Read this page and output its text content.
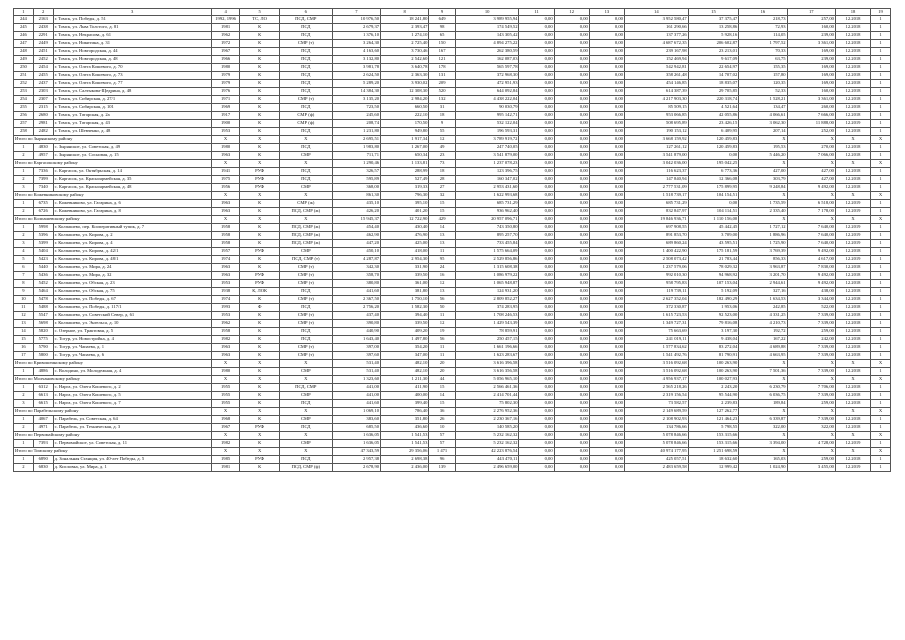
1	2	3	4	5	6	7	8	9	10	11	12	13	14	15	16	17	18	19
244	2163	г. Томск, ул. Победы, д. 51	1992, 1996	ТС, ЛО	ПСД, СМР	10 976,50	18 241,80	649	3 989 955,94	0,00	0,00	0,00	3 952 580,47	37 375,47	218,73	257,00	12.2018	1
245	2438	г. Томск, ул. Льва Толстого, д. 81	1981	К	ПСД	2 679,37	2 393,47	98	174 549,52	0,00	0,00	0,00	161 290,66	13 258,86	72,93	160,00	12.2018	1
246	2291	г. Томск, ул. Некрасова, д. 61	1962	К	ПСД	1 376,10	1 274,10	65	143 305,42	0,00	0,00	0,00	137 377,26	5 928,16	114,05	239,00	12.2018	1
247	2449	г. Томск, ул. Никитина, д. 31	1972	К	СМР (т)	3 264,30	2 725,40	150	4 894 275,22	0,00	0,00	0,00	4 687 672,35	206 602,87	1 797,52	3 361,00	12.2018	1
248	2451	г. Томск, ул. Новгородская, д. 44	1967	К	ПСД	4 163,60	3 730,46	167	262 380,59	0,00	0,00	0,00	239 167,98	23 213,01	70,33	169,00	12.2018	1
249	2452	г. Томск, ул. Новгородская, д. 48	1966	К	ПСД	3 132,80	2 542,60	121	162 087,03	0,00	0,00	0,00	152 469,94	9 617,09	63,75	239,00	12.2018	1
250	2454	г. Томск, ул. Олега Кошевого, д. 70	1980	К	ПСД	3 981,78	3 640,78	178	565 597,78	0,00	0,00	0,00	542 942,81	22 654,97	155,35	169,00	12.2018	1
251	2455	г. Томск, ул. Олега Кошевого, д. 73	1979	К	ПСД	2 624,50	2 363,30	131	372 968,30	0,00	0,00	0,00	358 261,48	14 707,02	157,80	169,00	12.2018	1
252	2437	г. Томск, ул. Олега Кошевого, д. 77	1979	К	ПСД	5 289,20	3 930,02	209	472 951,93	0,00	0,00	0,00	454 146,85	18 835,07	120,35	169,00	12.2018	1
253	2303	г. Томск, ул. Салтыкова-Щедрина, д. 48	1976	К	ПСД	14 384,30	12 308,30	520	644 092,84	0,00	0,00	0,00	614 387,39	29 705,85	52,33	160,00	12.2018	1
254	2307	г. Томск, ул. Сибирская, д. 27/1	1971	К	СМР (т)	3 135,20	2 984,20	132	4 438 222,04	0,00	0,00	0,00	4 217 903,30	220 318,74	1 528,21	3 361,00	12.2018	1
255	2315	г. Томск, ул. Сибирская, д. 101	1969	К	ПСД	723,50	660,50	31	90 030,79	0,00	0,00	0,00	85 509,15	4 521,64	134,47	260,00	12.2018	1
256	2680	г. Томск, ул. Татарская, д. 2а	1917	К	СМР (ф)	245,60	222,10	18	995 142,71	0,00	0,00	0,00	953 066,85	42 055,86	4 066,61	7 666,00	12.2018	1
257	2981	г. Томск, ул. Татарская, д. 43	1900	К	СМР (ф)	208,74	170,50	9	532 122,04	0,00	0,00	0,00	508 695,89	23 426,15	3 062,30	11 888,00	12.2019	1
258	2482	г. Томск, ул. Шевченко, д. 48	1953	К	ПСД	1 231,80	949,80	55	196 593,31	0,00	0,00	0,00	190 153,12	6 409,95	207,14	252,00	12.2018	1
Итого по Зырянскому району			X	X	X	2 695,51	1 917,34	12	3 789 919,72	0,00	0,00	0,00	3 668 159,92	120 459,83	X	X	X	X
1	4830	с. Зырянское, ул. Советская, д. 49	1980	К	ПСД	1 983,80	1 267,00	49	247 740,05	0,00	0,00	0,00	127 261,12	120 459,83	195,53	270,00	12.2018	1
2	4957	с. Зырянское, ул. Сосновая, д. 15	1963	К	СМР	711,71	650,34	23	3 541 879,00	0,00	0,00	0,00	3 541 879,00	0,00	5 446,20	7 066,00	12.2018	1
Итого по Каргасокскому району			X	X	X	1 290,46	1 133,81	73	1 237 078,23	0,00	0,00	0,00	3 042 036,00	195 042,25	X	X	X	X
1	7336	с. Каргасок, ул. Октябрьская, д. 14	1941	РУФ	ПСД	326,57	288,99	18	123 396,75	0,00	0,00	0,00	116 623,37	6 773,36	427,00	427,00	12.2018	1
2	7399	с. Каргасок, ул. Красноармейская, д. 35	1975	РУФ	ПСД	595,89	527,49	28	160 347,02	0,00	0,00	0,00	147 840,94	12 366,08	303,79	427,00	12.2018	1
3	7340	с. Каргасок, ул. Красноармейская, д. 48	1956	РУФ	СМР	368,00	319,33	27	2 953 431,60	0,00	0,00	0,00	2 777 531,09	175 899,95	9 248,84	9 492,00	12.2018	1
Итого по Кожевниковскому району			X	X	X	861,30	796,30	32	1 622 993,68	0,00	0,00	0,00	1 518 739,17	104 154,51	X	X	X	X
1	6735	с. Кожевниково, ул. Гагарина, д. 6	1963	К	СМР (ж)	435,10	395,10	15	685 731,29	0,00	0,00	0,00	685 731,29	0,00	1 735,59	6 518,00	12.2019	1
2	6726	с. Кожевниково, ул. Гагарина, д. 8	1963	К	ПСД, СМР (ж)	426,20	401,20	15	936 962,40	0,00	0,00	0,00	832 847,97	104 114,51	2 335,40	7 178,00	12.2019	1
Итого по Колпашевскому району			X	X	X	15 945,37	12 722,90	429	20 957 096,71	0,00	0,00	0,00	19 846 936,71	1 110 156,00	X	X	X	X
1	5998	г. Колпашево, пер. Кооперативный тупик, д. 7	1958	К	ПСД, СМР (ж)	454,40	430,40	14	743 350,80	0,00	0,00	0,00	697 908,55	45 442,45	1 727,12	7 640,00	12.2019	1
2	5396	г. Колпашево, ул. Кирова, д. 2	1958	К	ПСД, СМР (ж)	462,90	476,90	13	895 257,70	0,00	0,00	0,00	891 853,70	3 709,00	1 886,96	7 640,00	12.2019	1
3	5399	г. Колпашево, ул. Кирова, д. 4	1958	К	ПСД, СМР (ж)	447,20	425,00	13	733 455,84	0,00	0,00	0,00	689 860,24	43 595,51	1 725,90	7 640,00	12.2019	1
4	5404	г. Колпашево, ул. Кирова, д. 42/1	1957	РУФ	СМР	450,10	418,00	11	1 575 664,09	0,00	0,00	0,00	1 400 422,90	175 181,59	3 769,39	9 492,00	12.2018	1
5	5423	г. Колпашево, ул. Кирова, д. 48/1	1974	К	ПСД, СМР (т)	4 287,87	2 954,30	95	2 529 856,86	0,00	0,00	0,00	2 508 073,42	21 783,44	856,33	4 617,00	12.2019	1
6	5440	г. Колпашево, ул. Мира, д. 24	1963	К	СМР (т)	342,30	331,90	24	1 315 608,38	0,00	0,00	0,00	1 237 579,06	78 029,32	3 963,87	7 830,00	12.2018	1
7	5436	г. Колпашево, ул. Мира, д. 32	1963	РУФ	СМР (т)	358,70	339,50	16	1 086 979,22	0,00	0,00	0,00	992 010,30	94 968,92	3 201,70	9 492,00	12.2018	1
8	5452	г. Колпашево, ул. Обская, д. 23	1953	РУФ	СМР (т)	380,80	361,00	12	1 065 948,87	0,00	0,00	0,00	958 795,83	107 153,04	2 944,61	9 492,00	12.2018	1
9	5464	г. Колпашево, ул. Обская, д. 75	1938	К, ЛОК	ПСД	441,60	381,80	13	124 931,20	0,00	0,00	0,00	119 739,11	5 192,09	327,16	438,00	12.2018	1
10	5478	г. Колпашево, ул. Победы, д. 67	1974	К	СМР (т)	2 367,50	1 750,10	56	2 809 852,27	0,00	0,00	0,00	2 627 352,04	182 490,29	1 634,53	3 344,00	12.2018	1
11	5488	г. Колпашево, ул. Победы, д. 117/1	1993	Ф	ПСД	2 756,20	1 582,30	50	374 283,95	0,00	0,00	0,00	372 330,87	1 953,06	242,85	522,00	12.2018	1
12	5547	г. Колпашево, ул. Советский Север, д. 61	1953	К	СМР (т)	437,40	394,40	11	1 708 246,53	0,00	0,00	0,00	1 615 723,53	92 523,00	4 331,25	7 339,00	12.2018	1
13	5698	г. Колпашево, ул. Энгельса, д. 10	1962	К	СМР (т)	390,80	339,50	12	1 429 543,39	0,00	0,00	0,00	1 349 727,31	79 816,08	4 210,73	7 339,00	12.2018	1
14	5820	с. Озерное, ул. Трактовая, д. 5	1958	К	ПСД	440,90	409,20	19	78 859,91	0,00	0,00	0,00	75 663,69	3 197,30	192,72	259,00	12.2018	1
15	5775	с. Тогур, ул. Новостройка, д. 4	1982	К	ПСД	1 643,40	1 497,80	56	250 457,15	0,00	0,00	0,00	241 019,11	9 438,04	167,22	242,00	12.2018	1
16	5790	с. Тогур, ул. Чапаева, д. 1	1963	К	СМР (т)	397,00	354,20	11	1 661 196,66	0,00	0,00	0,00	1 577 834,62	83 272,04	4 689,88	7 339,00	12.2018	1
17	5800	с. Тогур, ул. Чапаева, д. 6	1963	К	СМР (т)	397,60	347,00	11	1 623 283,67	0,00	0,00	0,00	1 541 492,76	81 790,91	4 663,95	7 339,00	12.2018	1
Итого по Кривошеинскому району			X	X	X	531,40	482,10	20	3 616 396,58	0,00	0,00	0,00	3 516 092,68	100 263,90	X	X	X	X
1	4886	с. Володино, ул. Молодежная, д. 4	1980	К	СМР	531,40	482,10	20	3 616 356,58	0,00	0,00	0,00	3 516 092,68	100 263,90	7 501,36	7 339,00	12.2018	1
Итого по Молчановскому району			X	X	X	1 323,60	1 211,30	44	5 056 965,10	0,00	0,00	0,00	4 956 937,17	100 027,93	X	X	X	X
1	6312	с. Нарга, ул. Олега Кошевого, д. 2	1955	К	ПСД, СМР	441,00	411,90	15	2 566 461,36	0,00	0,00	0,00	2 565 218,26	2 243,20	6 230,79	7 706,00	12.2018	1
2	6613	с. Нарга, ул. Олега Кошевого, д. 5	1955	К	СМР	441,00	400,00	14	2 414 701,44	0,00	0,00	0,00	2 319 156,54	95 544,90	6 036,75	7 339,00	12.2018	1
3	6615	с. Нарга, ул. Олега Кошевого, д. 7	1955	К	ПСД	441,60	399,40	15	75 802,30	0,00	0,00	0,00	73 582,57	2 239,83	189,84	259,00	12.2018	1
Итого по Парабельскому району			X	X	X	1 069,10	786,40	36	2 276 952,36	0,00	0,00	0,00	2 149 689,59	127 262,77	X	X	X	X
1	4067	с. Парабель, ул. Советская, д. 64	1968	К	СМР	383,60	351,80	26	2 230 367,16	0,00	0,00	0,00	2 108 902,93	121 464,23	6 339,87	7 339,00	12.2018	1
2	4971	с. Парабель, ул. Техническая, д. 3	1967	РУФ	ПСД	685,50	436,60	10	140 585,20	0,00	0,00	0,00	134 786,66	5 798,55	322,00	322,00	12.2018	1
Итого по Первомайскому району			X	X	X	1 636,05	1 541,53	57	5 232 162,32	0,00	0,00	0,00	5 078 846,66	153 315,66	X	X	X	X
1	7393	с. Первомайское, ул. Советская, д. 11	1982	К	СМР	1 636,05	1 541,53	57	5 232 162,32	0,00	0,00	0,00	5 078 846,66	153 315,66	3 394,00	4 728,00	12.2019	1
Итого по Томскому району			X	X	X	47 343,59	29 356,06	1 471	42 223 876,54	0,00	0,00	0,00	40 974 177,95	1 251 698,59	X	X	X	X
1	6890	д. Зональная Станция, ул. 40-лет Победы, д. 5	1985	РУФ	ПСД	2 957,38	2 698,38	96	443 470,11	0,00	0,00	0,00	425 057,51	18 632,60	165,03	259,00	12.2018	1
2	6830	д. Кисловка, ул. Мира, д. 1	1981	К	ПСД, СМР (ф)	2 678,90	2 436,00	139	2 496 659,00	0,00	0,00	0,00	2 483 659,58	12 999,42	1 024,90	3 455,00	12.2019	1
